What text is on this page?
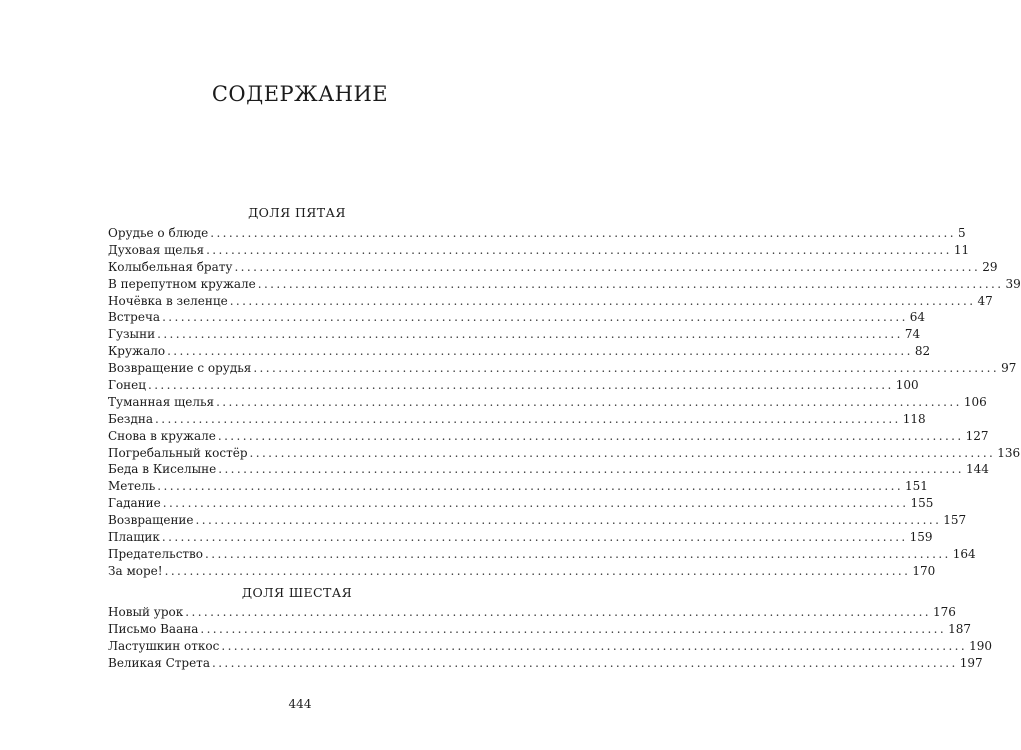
СОДЕРЖАНИЕ
ДОЛЯ ПЯТАЯ
Орудье о блюде ........................................................................................................................ 5
Духовая щелья ........................................................................................................................ 11
Колыбельная брату ........................................................................................................................ 29
В перепутном кружале ........................................................................................................................ 39
Ночёвка в зеленце ........................................................................................................................ 47
Встреча ........................................................................................................................ 64
Гузыни ........................................................................................................................ 74
Кружало ........................................................................................................................ 82
Возвращение с орудья ........................................................................................................................ 97
Гонец ........................................................................................................................ 100
Туманная щелья ........................................................................................................................ 106
Бездна ........................................................................................................................ 118
Снова в кружале ........................................................................................................................ 127
Погребальный костёр ........................................................................................................................ 136
Беда в Киселыне ........................................................................................................................ 144
Метель ........................................................................................................................ 151
Гадание ........................................................................................................................ 155
Возвращение ........................................................................................................................ 157
Плащик ........................................................................................................................ 159
Предательство ........................................................................................................................ 164
За море! ........................................................................................................................ 170
ДОЛЯ ШЕСТАЯ
Новый урок ........................................................................................................................ 176
Письмо Ваана ........................................................................................................................ 187
Ластушкин откос ........................................................................................................................ 190
Великая Стрета ........................................................................................................................ 197
444
